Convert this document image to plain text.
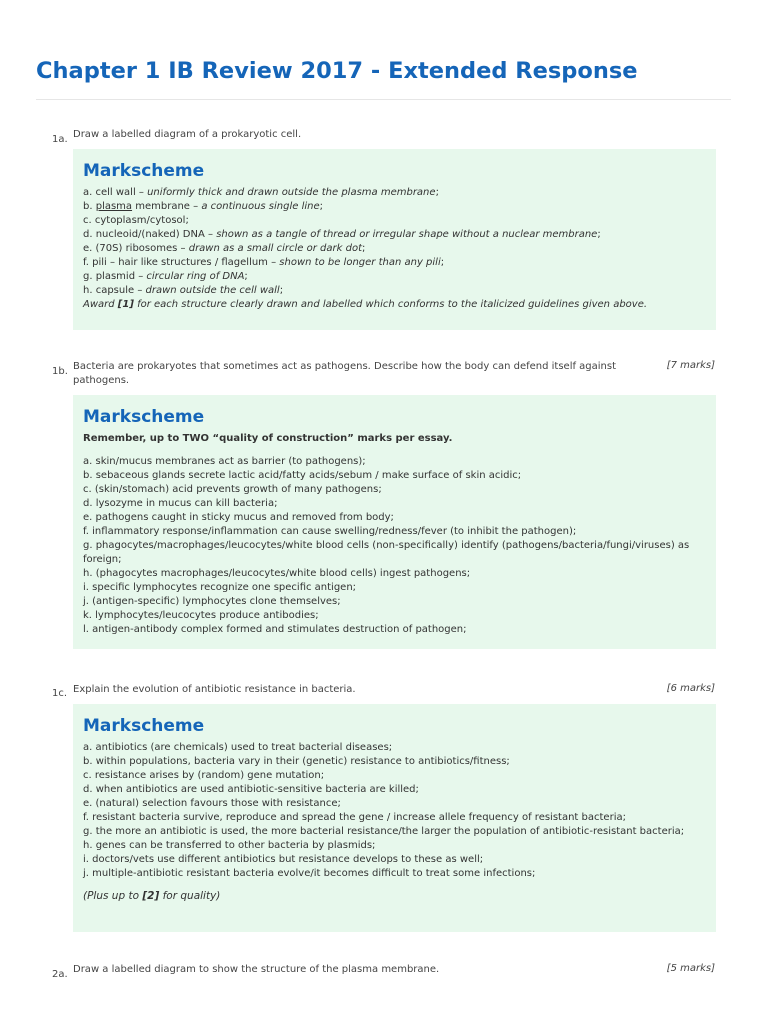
Chapter 1 IB Review 2017 - Extended Response
1a. Draw a labelled diagram of a prokaryotic cell.
Markscheme
a. cell wall – uniformly thick and drawn outside the plasma membrane;
b. plasma membrane – a continuous single line;
c. cytoplasm/cytosol;
d. nucleoid/(naked) DNA – shown as a tangle of thread or irregular shape without a nuclear membrane;
e. (70S) ribosomes – drawn as a small circle or dark dot;
f. pili – hair like structures / flagellum – shown to be longer than any pili;
g. plasmid – circular ring of DNA;
h. capsule – drawn outside the cell wall;
Award [1] for each structure clearly drawn and labelled which conforms to the italicized guidelines given above.
1b. Bacteria are prokaryotes that sometimes act as pathogens. Describe how the body can defend itself against pathogens.
[7 marks]
Markscheme
Remember, up to TWO “quality of construction” marks per essay.
a. skin/mucus membranes act as barrier (to pathogens);
b. sebaceous glands secrete lactic acid/fatty acids/sebum / make surface of skin acidic;
c. (skin/stomach) acid prevents growth of many pathogens;
d. lysozyme in mucus can kill bacteria;
e. pathogens caught in sticky mucus and removed from body;
f. inflammatory response/inflammation can cause swelling/redness/fever (to inhibit the pathogen);
g. phagocytes/macrophages/leucocytes/white blood cells (non-specifically) identify (pathogens/bacteria/fungi/viruses) as foreign;
h. (phagocytes macrophages/leucocytes/white blood cells) ingest pathogens;
i. specific lymphocytes recognize one specific antigen;
j. (antigen-specific) lymphocytes clone themselves;
k. lymphocytes/leucocytes produce antibodies;
l. antigen-antibody complex formed and stimulates destruction of pathogen;
1c. Explain the evolution of antibiotic resistance in bacteria.	[6 marks]
Markscheme
a. antibiotics (are chemicals) used to treat bacterial diseases;
b. within populations, bacteria vary in their (genetic) resistance to antibiotics/fitness;
c. resistance arises by (random) gene mutation;
d. when antibiotics are used antibiotic-sensitive bacteria are killed;
e. (natural) selection favours those with resistance;
f. resistant bacteria survive, reproduce and spread the gene / increase allele frequency of resistant bacteria;
g. the more an antibiotic is used, the more bacterial resistance/the larger the population of antibiotic-resistant bacteria;
h. genes can be transferred to other bacteria by plasmids;
i. doctors/vets use different antibiotics but resistance develops to these as well;
j. multiple-antibiotic resistant bacteria evolve/it becomes difficult to treat some infections;
(Plus up to [2] for quality)
2a. Draw a labelled diagram to show the structure of the plasma membrane.	[5 marks]
